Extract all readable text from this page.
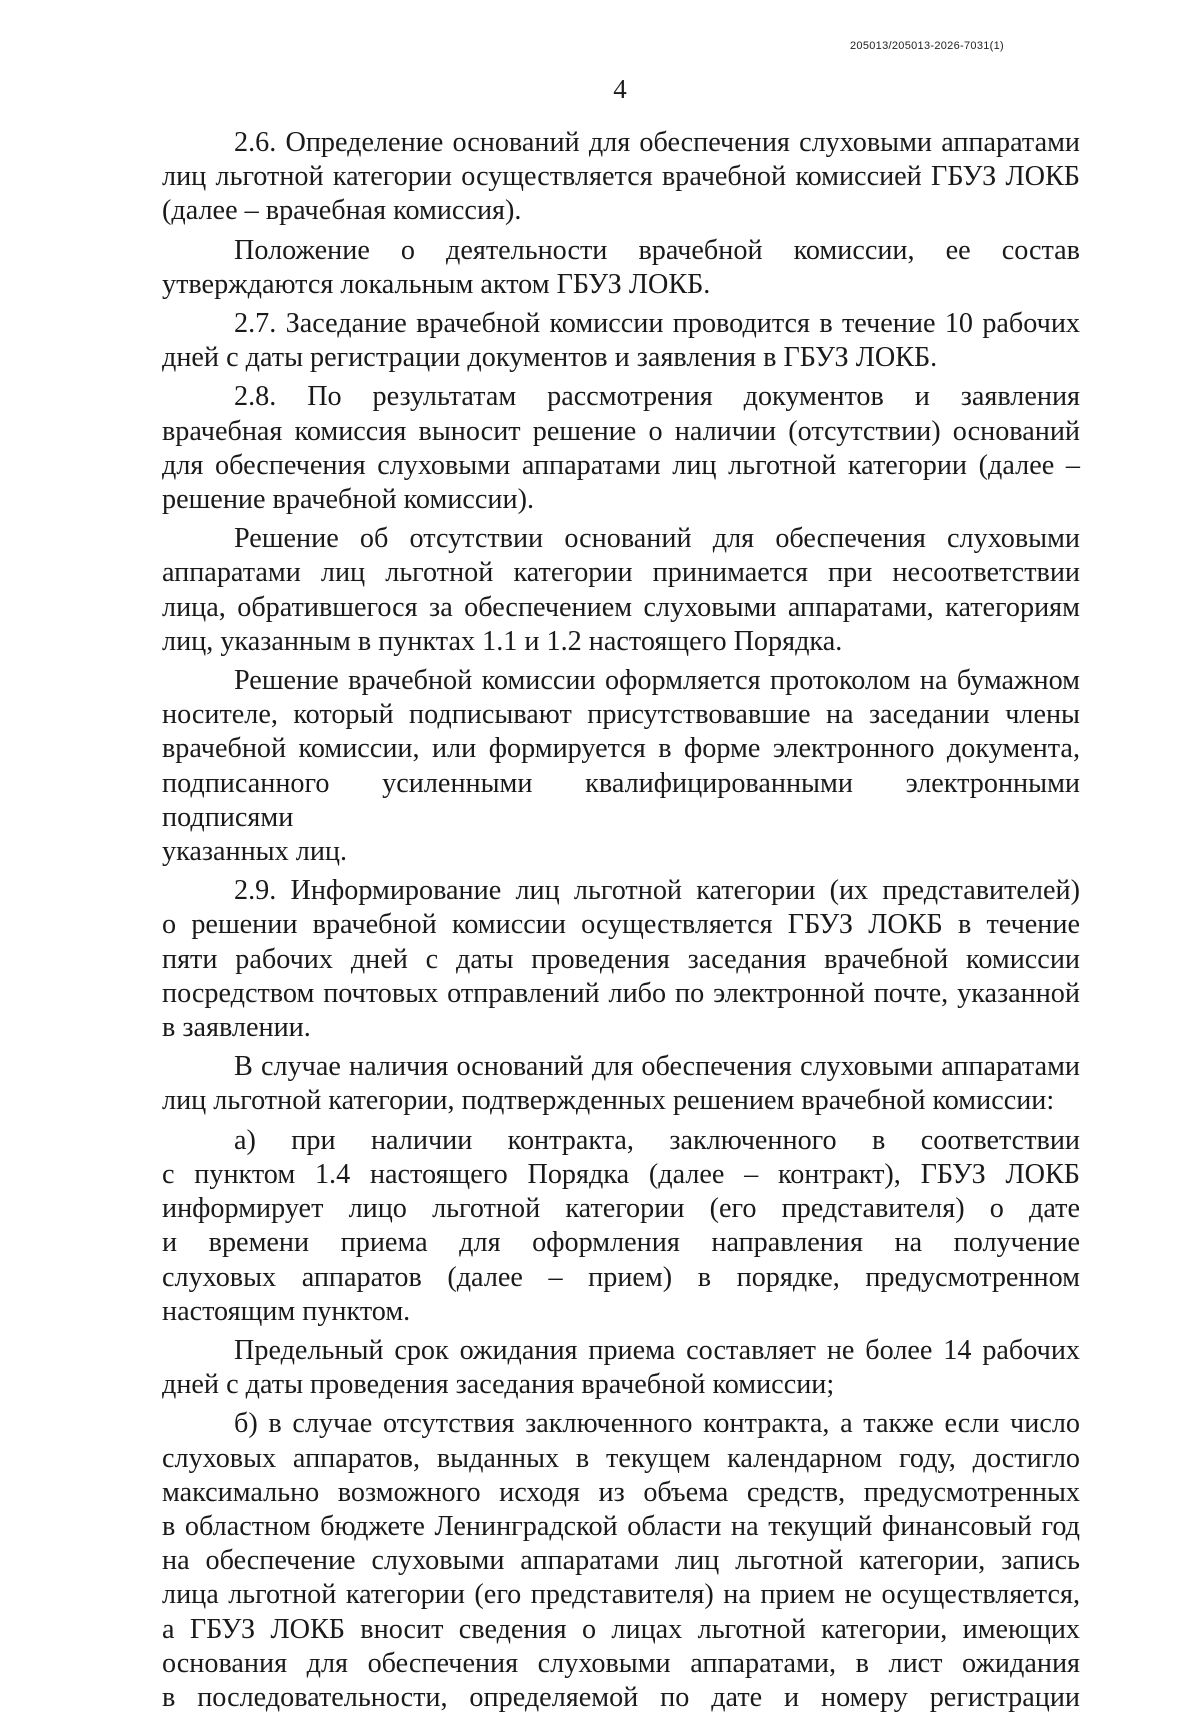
205013/205013-2026-7031(1)
4
2.6. Определение оснований для обеспечения слуховыми аппаратами
лиц льготной категории осуществляется врачебной комиссией ГБУЗ ЛОКБ
(далее – врачебная комиссия).
Положение о деятельности врачебной комиссии, ее состав
утверждаются локальным актом ГБУЗ ЛОКБ.
2.7. Заседание врачебной комиссии проводится в течение 10 рабочих
дней с даты регистрации документов и заявления в ГБУЗ ЛОКБ.
2.8. По результатам рассмотрения документов и заявления
врачебная комиссия выносит решение о наличии (отсутствии) оснований
для обеспечения слуховыми аппаратами лиц льготной категории (далее –
решение врачебной комиссии).
Решение об отсутствии оснований для обеспечения слуховыми
аппаратами лиц льготной категории принимается при несоответствии
лица, обратившегося за обеспечением слуховыми аппаратами, категориям
лиц, указанным в пунктах 1.1 и 1.2 настоящего Порядка.
Решение врачебной комиссии оформляется протоколом на бумажном
носителе, который подписывают присутствовавшие на заседании члены
врачебной комиссии, или формируется в форме электронного документа,
подписанного усиленными квалифицированными электронными подписями
указанных лиц.
2.9. Информирование лиц льготной категории (их представителей)
о решении врачебной комиссии осуществляется ГБУЗ ЛОКБ в течение
пяти рабочих дней с даты проведения заседания врачебной комиссии
посредством почтовых отправлений либо по электронной почте, указанной
в заявлении.
В случае наличия оснований для обеспечения слуховыми аппаратами
лиц льготной категории, подтвержденных решением врачебной комиссии:
а) при наличии контракта, заключенного в соответствии
с пунктом 1.4 настоящего Порядка (далее – контракт), ГБУЗ ЛОКБ
информирует лицо льготной категории (его представителя) о дате
и времени приема для оформления направления на получение
слуховых аппаратов (далее – прием) в порядке, предусмотренном
настоящим пунктом.
Предельный срок ожидания приема составляет не более 14 рабочих
дней с даты проведения заседания врачебной комиссии;
б) в случае отсутствия заключенного контракта, а также если число
слуховых аппаратов, выданных в текущем календарном году, достигло
максимально возможного исходя из объема средств, предусмотренных
в областном бюджете Ленинградской области на текущий финансовый год
на обеспечение слуховыми аппаратами лиц льготной категории, запись
лица льготной категории (его представителя) на прием не осуществляется,
а ГБУЗ ЛОКБ вносит сведения о лицах льготной категории, имеющих
основания для обеспечения слуховыми аппаратами, в лист ожидания
в последовательности, определяемой по дате и номеру регистрации
